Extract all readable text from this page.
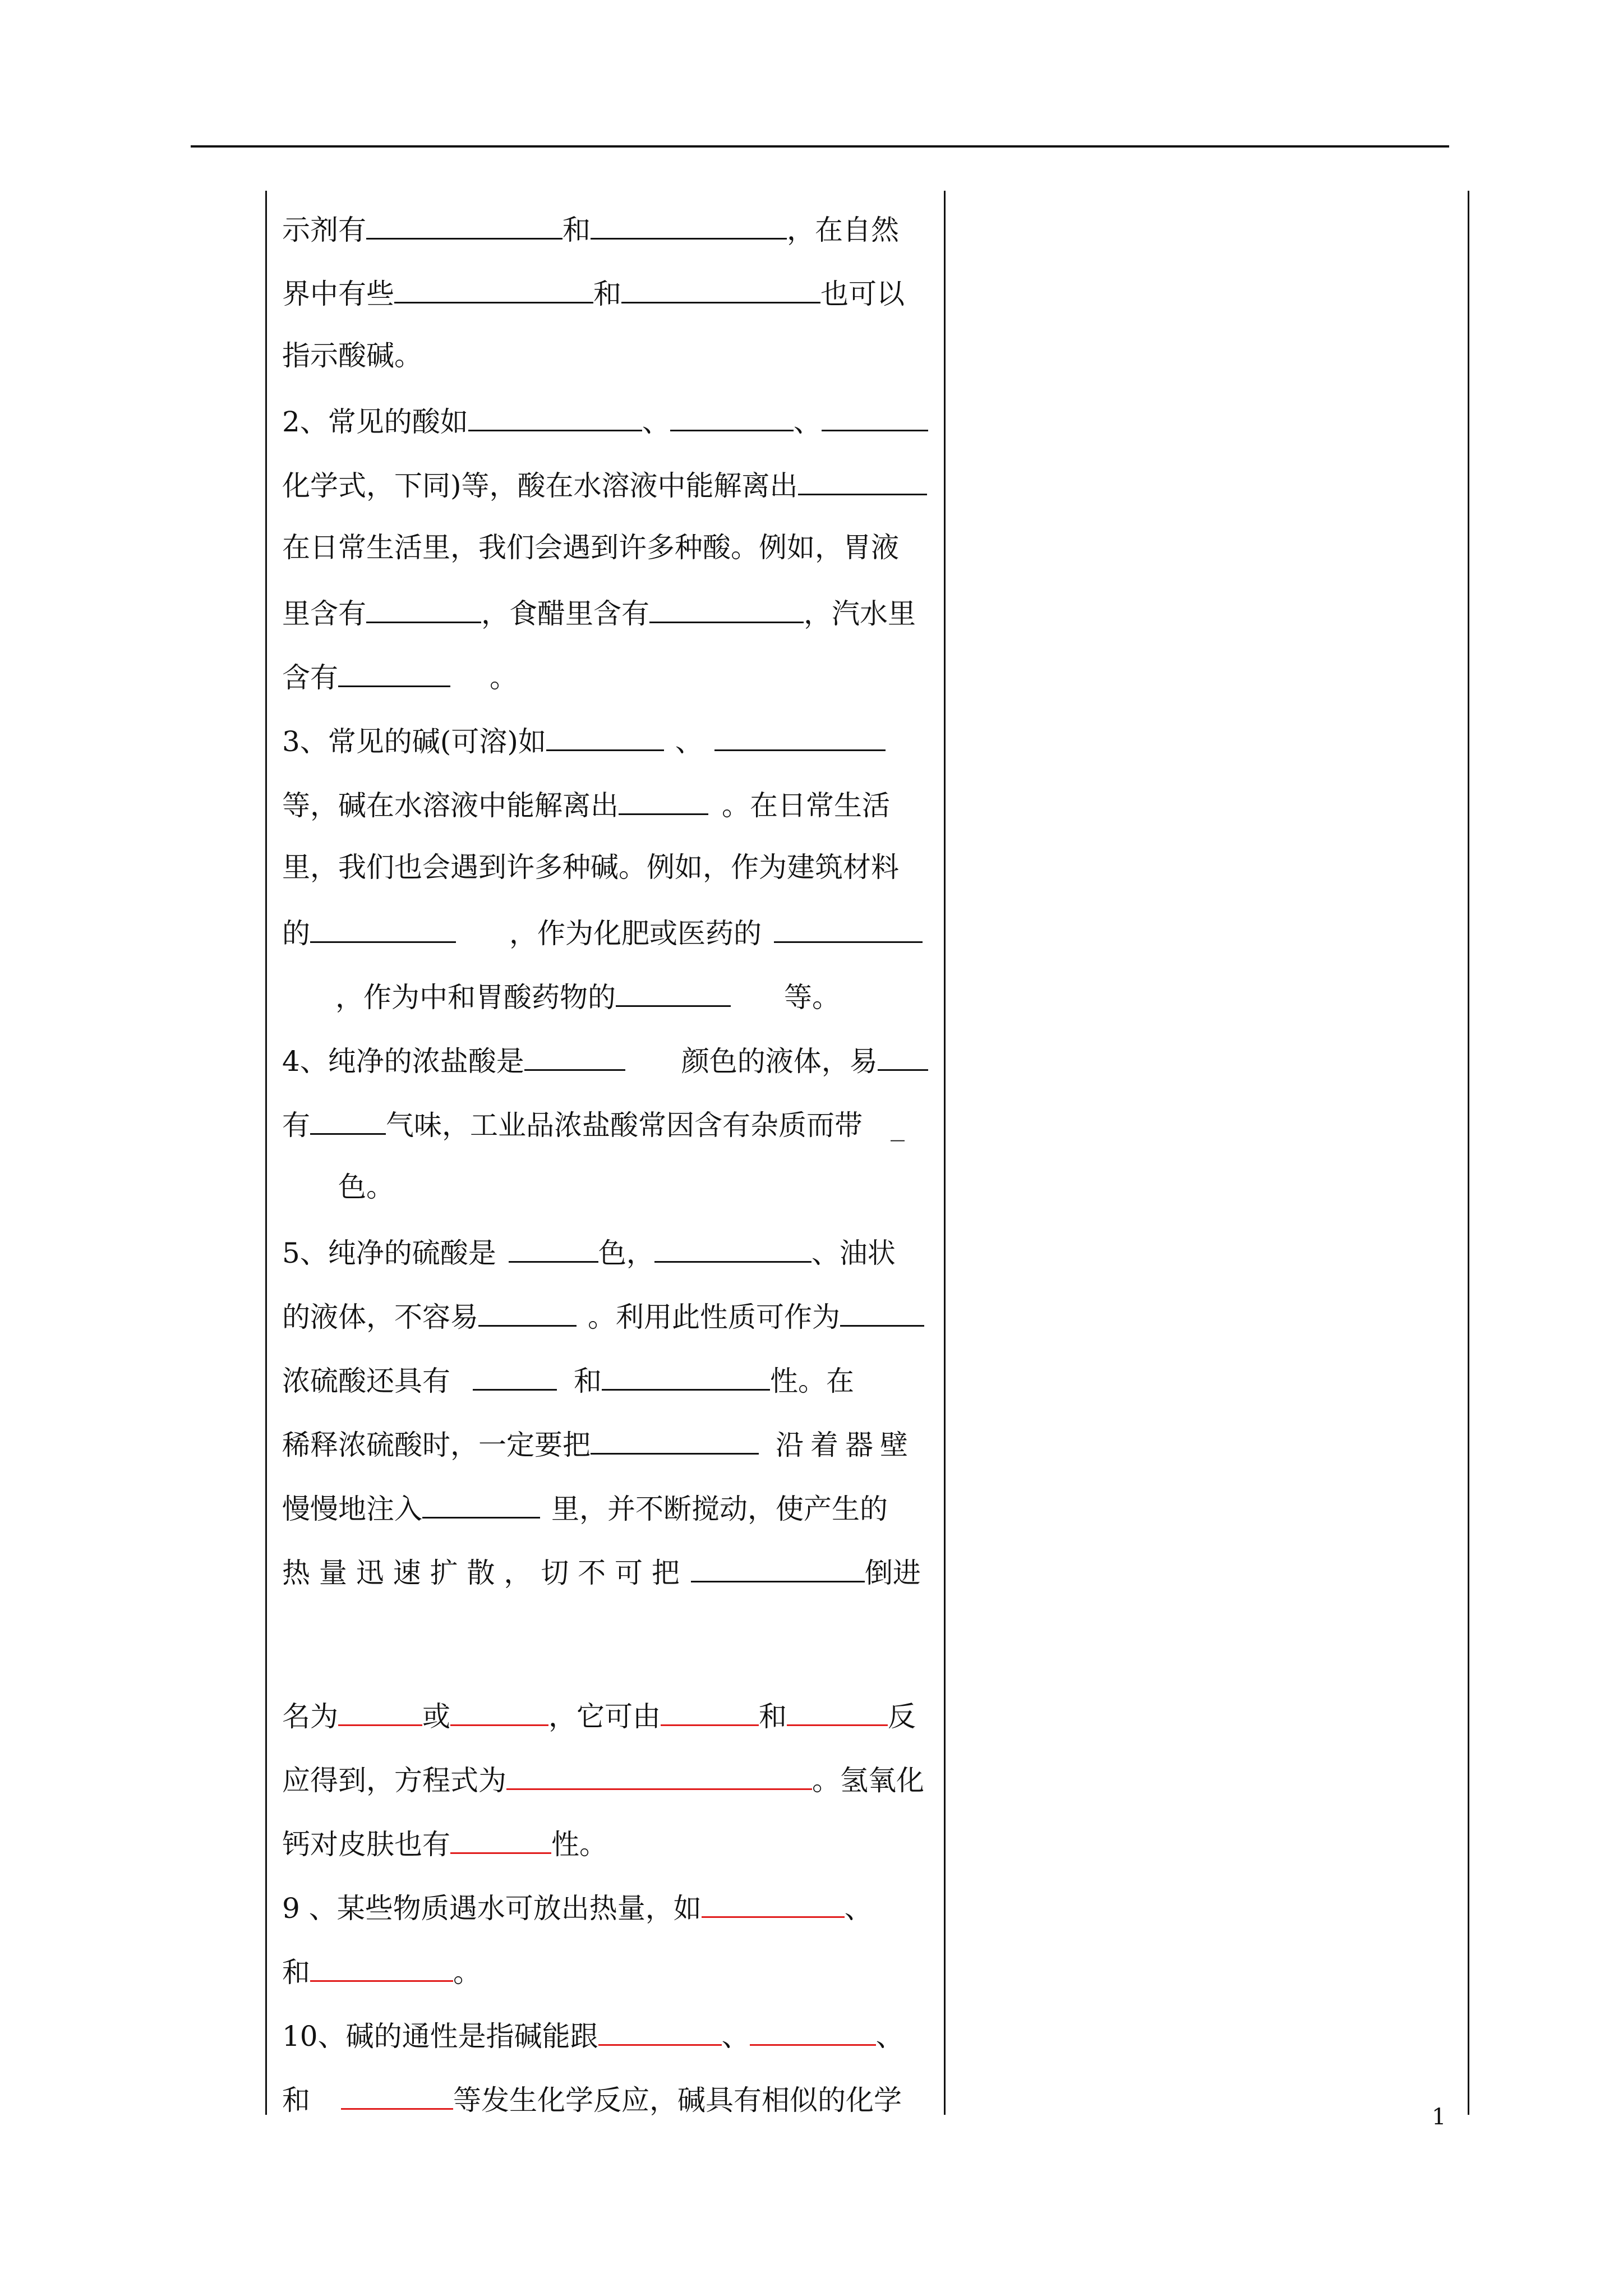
示剂有	和	，在自然
界中有些	和	也可以
指示酸碱。
2、常见的酸如	、	、
化学式，下同)等，酸在水溶液中能解离出
在日常生活里，我们会遇到许多种酸。例如，胃液
里含有	，食醋里含有	，汽水里
含有	。
3、常见的碱(可溶)如	、
等，碱在水溶液中能解离出	。在日常生活
里，我们也会遇到许多种碱。例如，作为建筑材料
的	，作为化肥或医药的
，作为中和胃酸药物的	等。
4、纯净的浓盐酸是	颜色的液体，易
有	气味，工业品浓盐酸常因含有杂质而带 _
色。
5、纯净的硫酸是	色，	、油状
的液体，不容易	。利用此性质可作为
浓硫酸还具有	和	性。在
稀释浓硫酸时，一定要把	沿着器壁
慢慢地注入	里，并不断搅动，使产生的
热 量 迅 速 扩 散 ， 切 不 可 把	倒进
名为	或	，它可由	和	反
应得到，方程式为	。氢氧化
钙对皮肤也有	性。
9 、某些物质遇水可放出热量，如	、
和	。
10、碱的通性是指碱能跟	、	、
和	等发生化学反应，碱具有相似的化学
1
